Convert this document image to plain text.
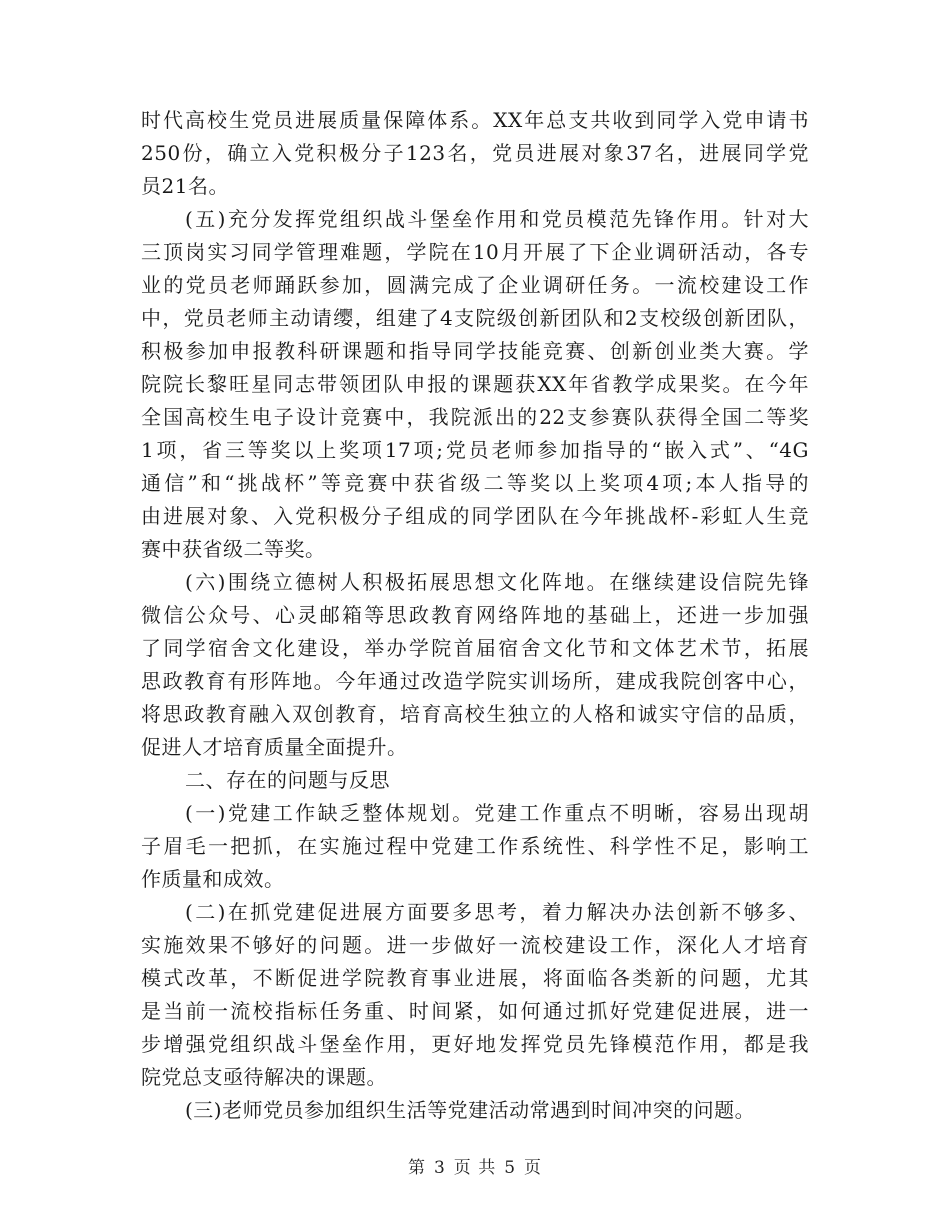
时代高校生党员进展质量保障体系。XX年总支共收到同学入党申请书
250份，确立入党积极分子123名，党员进展对象37名，进展同学党
员21名。
(五)充分发挥党组织战斗堡垒作用和党员模范先锋作用。针对大
三顶岗实习同学管理难题，学院在10月开展了下企业调研活动，各专
业的党员老师踊跃参加，圆满完成了企业调研任务。一流校建设工作
中，党员老师主动请缨，组建了4支院级创新团队和2支校级创新团队，
积极参加申报教科研课题和指导同学技能竞赛、创新创业类大赛。学
院院长黎旺星同志带领团队申报的课题获XX年省教学成果奖。在今年
全国高校生电子设计竞赛中，我院派出的22支参赛队获得全国二等奖
1项，省三等奖以上奖项17项;党员老师参加指导的“嵌入式”、“4G
通信”和“挑战杯”等竞赛中获省级二等奖以上奖项4项;本人指导的
由进展对象、入党积极分子组成的同学团队在今年挑战杯-彩虹人生竞
赛中获省级二等奖。
(六)围绕立德树人积极拓展思想文化阵地。在继续建设信院先锋
微信公众号、心灵邮箱等思政教育网络阵地的基础上，还进一步加强
了同学宿舍文化建设，举办学院首届宿舍文化节和文体艺术节，拓展
思政教育有形阵地。今年通过改造学院实训场所，建成我院创客中心，
将思政教育融入双创教育，培育高校生独立的人格和诚实守信的品质，
促进人才培育质量全面提升。
二、存在的问题与反思
(一)党建工作缺乏整体规划。党建工作重点不明晰，容易出现胡
子眉毛一把抓，在实施过程中党建工作系统性、科学性不足，影响工
作质量和成效。
(二)在抓党建促进展方面要多思考，着力解决办法创新不够多、
实施效果不够好的问题。进一步做好一流校建设工作，深化人才培育
模式改革，不断促进学院教育事业进展，将面临各类新的问题，尤其
是当前一流校指标任务重、时间紧，如何通过抓好党建促进展，进一
步增强党组织战斗堡垒作用，更好地发挥党员先锋模范作用，都是我
院党总支亟待解决的课题。
(三)老师党员参加组织生活等党建活动常遇到时间冲突的问题。
第 3 页 共 5 页
